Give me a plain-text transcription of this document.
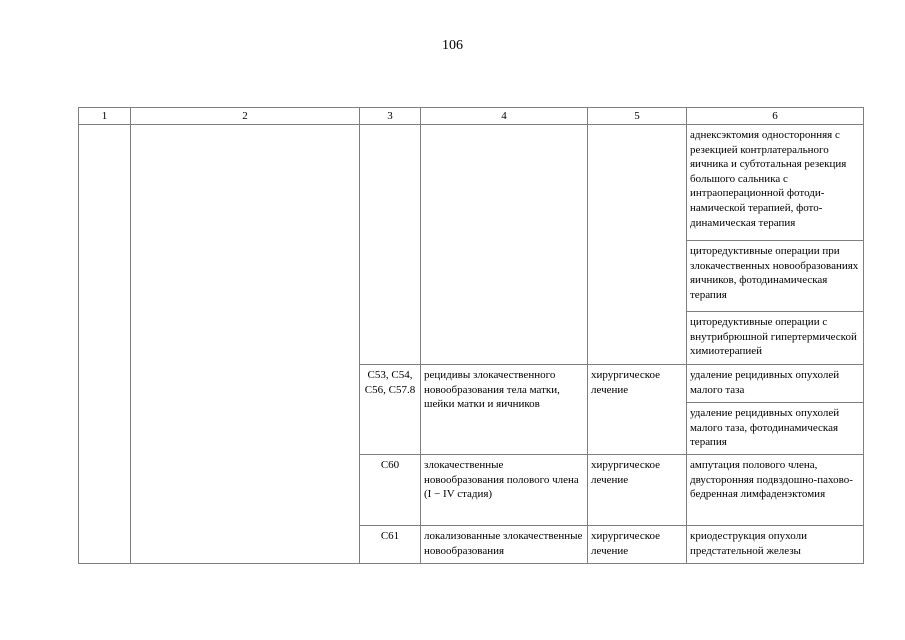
106
1	2	3	4	5	6
					аднексэктомия односторонняя с резекцией контрлатерального яичника и субтотальная резекция большого сальника с интраоперационной фотодинамической терапией, фотодинамическая терапия
					циторедуктивные операции при злокачественных новообразованиях яичников, фотодинамическая терапия
					циторедуктивные операции с внутрибрюшной гипертермической химиотерапией
		C53, C54, C56, C57.8	рецидивы злокачественного новообразования тела матки, шейки матки и яичников	хирургическое лечение	удаление рецидивных опухолей малого таза
					удаление рецидивных опухолей малого таза, фотодинамическая терапия
		C60	злокачественные новообразования полового члена (I − IV стадия)	хирургическое лечение	ампутация полового члена, двусторонняя подвздошно-пахово-бедренная лимфаденэктомия
		C61	локализованные злокачественные новообразования	хирургическое лечение	криодеструкция опухоли предстательной железы
